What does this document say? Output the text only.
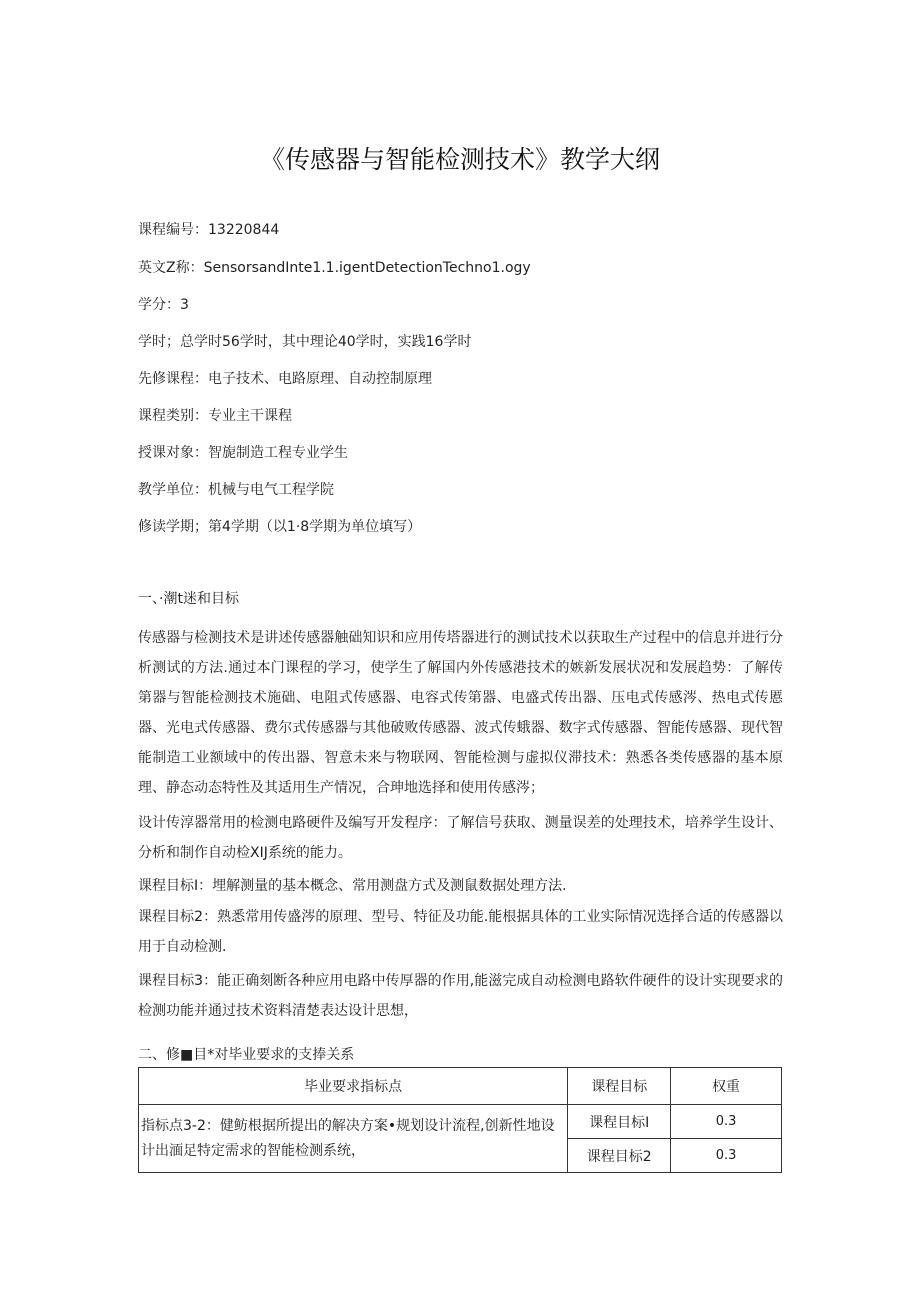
《传感器与智能检测技术》教学大纲
课程编号：13220844
英文Z称：SensorsandInte1.1.igentDetectionTechno1.ogy
学分：3
学时；总学时56学时，其中理论40学时，实践16学时
先修课程：电子技术、电路原理、自动控制原理
课程类别：专业主干课程
授课对象：智旎制造工程专业学生
教学单位：机械与电气工程学院
修读学期；第4学期（以1·8学期为单位填写）
一、·潮t迷和目标

传感器与检测技术是讲述传感器触础知识和应用传塔器进行的测试技术以获取生产过程中的信息并进行分析测试的方法.通过本门课程的学习，使学生了解国内外传感港技术的嫉新发展状况和发展趋势：了解传第器与智能检测技术施础、电阻式传感器、电容式传第器、电盛式传出器、压电式传感涔、热电式传慝器、光电式传感器、费尔式传感器与其他破败传感器、波式传蛾器、数字式传感器、智能传感器、现代智能制造工业额域中的传出器、智意未来与物联网、智能检测与虚拟仪滞技术：熟悉各类传感器的基本原理、静态动态特性及其适用生产情况，合珅地选择和使用传感涔；

设计传淳器常用的检测电路硬件及编写开发程序：了解信号获取、测量误差的处理技术，培养学生设计、分析和制作自动检XIJ系统的能力。

课程目标I：埋解测量的基本概念、常用测盘方式及测鼠数据处理方法.

课程目标2：熟悉常用传盛涔的原理、型号、特征及功能.能根据具体的工业实际情况选择合适的传感器以用于自动检测.

课程目标3：能正确刻断各种应用电路中传厚器的作用,能滋完成自动检测电路软件硬件的设计实现要求的检测功能并通过技术资料清楚表达设计思想，

二、修■目*对毕业要求的支捧关系
毕业要求指标点	课程目标	权重
指标点3-2：健鲂根据所提出的解决方案•规划设计流程,创新性地设计出湎足特定需求的智能检测系统，	课程目标I	0.3
	课程目标2	0.3
